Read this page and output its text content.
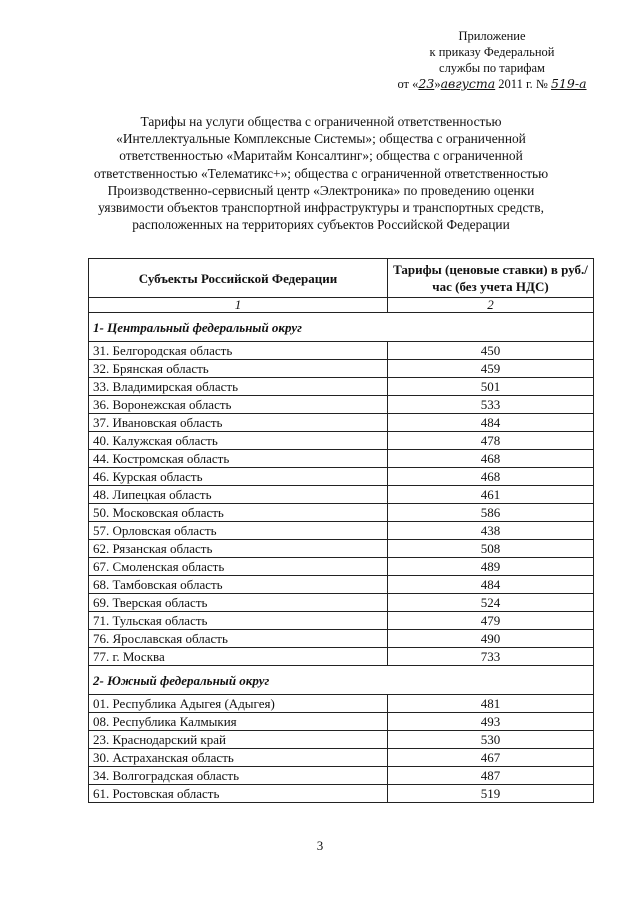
Приложение
к приказу Федеральной
службы по тарифам
от «23»августа 2011 г. № 519-а
Тарифы на услуги общества с ограниченной ответственностью «Интеллектуальные Комплексные Системы»; общества с ограниченной ответственностью «Маритайм Консалтинг»; общества с ограниченной ответственностью «Телематикс+»; общества с ограниченной ответственностью Производственно-сервисный центр «Электроника» по проведению оценки уязвимости объектов транспортной инфраструктуры и транспортных средств, расположенных на территориях субъектов Российской Федерации
Субъекты Российской Федерации	Тарифы (ценовые ставки) в руб./час (без учета НДС)
1	2
1- Центральный федеральный округ	
31. Белгородская область	450
32. Брянская область	459
33. Владимирская область	501
36. Воронежская область	533
37. Ивановская область	484
40. Калужская область	478
44. Костромская область	468
46. Курская область	468
48. Липецкая область	461
50. Московская область	586
57. Орловская область	438
62. Рязанская область	508
67. Смоленская область	489
68. Тамбовская область	484
69. Тверская область	524
71. Тульская область	479
76. Ярославская область	490
77. г. Москва	733
2- Южный федеральный округ	
01. Республика Адыгея (Адыгея)	481
08. Республика Калмыкия	493
23. Краснодарский край	530
30. Астраханская область	467
34. Волгоградская область	487
61. Ростовская область	519
3
